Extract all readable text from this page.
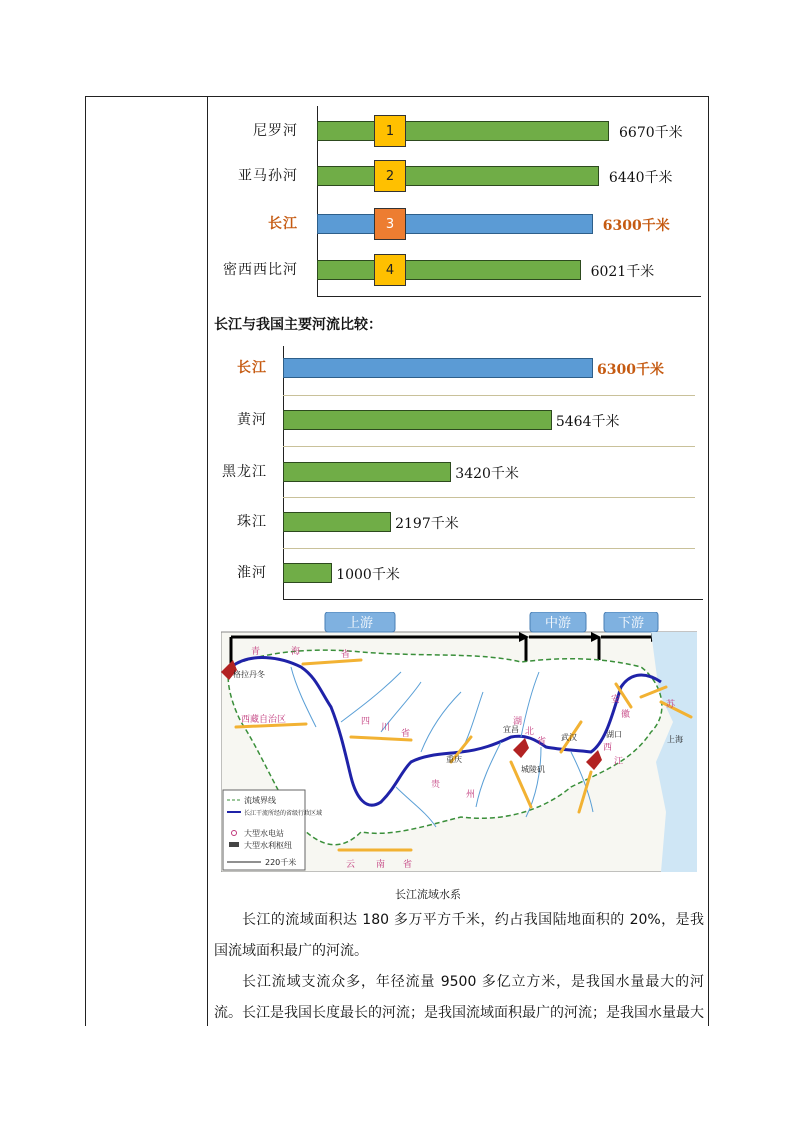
尼罗河	1	6670千米
亚马孙河	2	6440千米
长江	3	6300千米
密西西比河	4	6021千米
长江与我国主要河流比较：
长江	6300千米
黄河	5464千米
黑龙江	3420千米
珠江	2197千米
淮河	1000千米
上游	中游	下游
青	海	省
西藏自治区	四
川
省
湖
北
省
云 南 省
江
西
苏
安
徽
贵
州
重庆
武汉
宜昌
上海
格拉丹冬
城陵矶
湖口
流域界线
长江干流所经的省级行政区域
大型水电站
大型水利枢纽
220千米
长江流域水系
长江的流域面积达 180 多万平方千米，约占我国陆地面积的 20%，是我国流域面积最广的河流。
长江流域支流众多，年径流量 9500 多亿立方米，是我国水量最大的河流。 长江是我国长度最长的河流；是我国流域面积最广的河流；是我国水量最大
